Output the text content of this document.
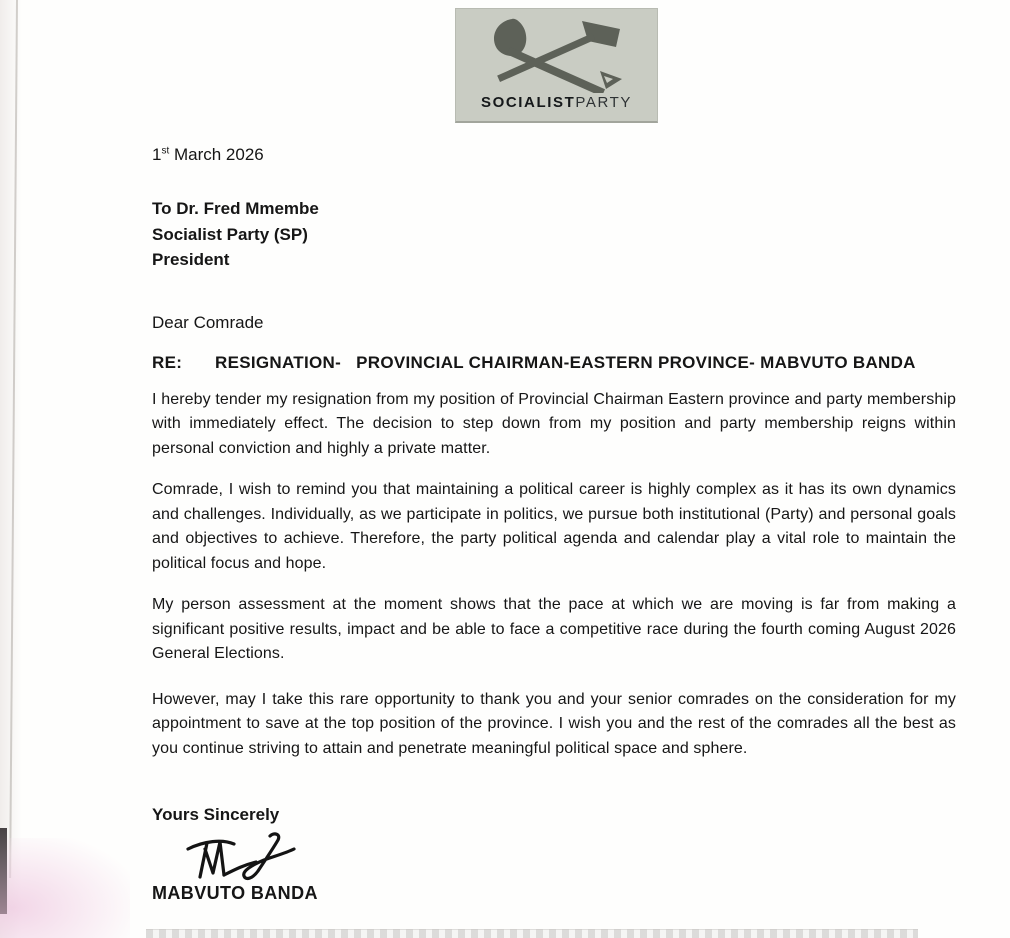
SOCIALISTPARTY
1st March 2026
To Dr. Fred Mmembe
Socialist Party (SP)
President
Dear Comrade
RE:	RESIGNATION-   PROVINCIAL CHAIRMAN-EASTERN PROVINCE- MABVUTO BANDA

I hereby tender my resignation from my position of Provincial Chairman Eastern province and party membership with immediately effect. The decision to step down from my position and party membership reigns within personal conviction and highly a private matter.

Comrade, I wish to remind you that maintaining a political career is highly complex as it has its own dynamics and challenges. Individually, as we participate in politics, we pursue both institutional (Party) and personal goals and objectives to achieve. Therefore, the party political agenda and calendar play a vital role to maintain the political focus and hope.

My person assessment at the moment shows that the pace at which we are moving is far from making a significant positive results, impact and be able to face a competitive race during the fourth coming August 2026 General Elections.

However, may I take this rare opportunity to thank you and your senior comrades on the consideration for my appointment to save at the top position of the province. I wish you and the rest of the comrades all the best as you continue striving to attain and penetrate meaningful political space and sphere.

Yours Sincerely
MABVUTO BANDA
